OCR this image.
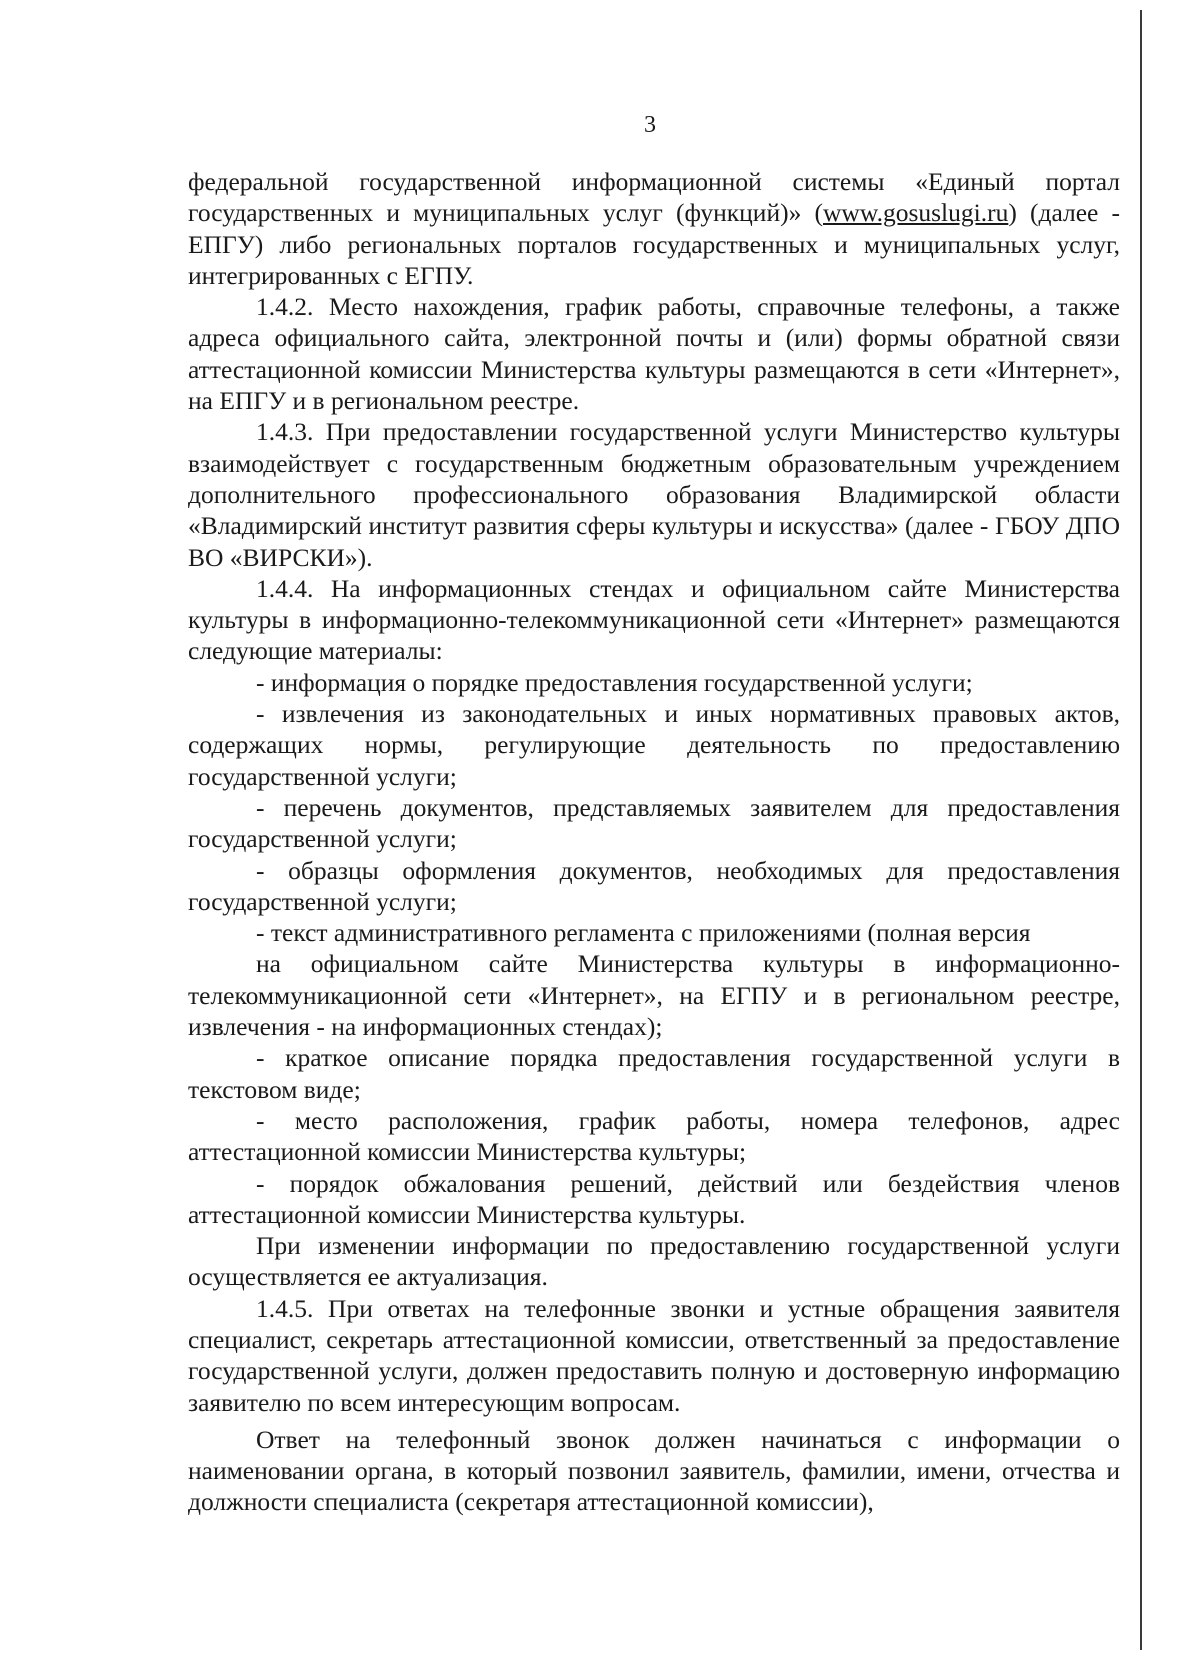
3

федеральной государственной информационной системы «Единый портал государственных и муниципальных услуг (функций)» (www.gosuslugi.ru) (далее - ЕПГУ) либо региональных порталов государственных и муниципальных услуг, интегрированных с ЕГПУ.

1.4.2. Место нахождения, график работы, справочные телефоны, а также адреса официального сайта, электронной почты и (или) формы обратной связи аттестационной комиссии Министерства культуры размещаются в сети «Интернет», на ЕПГУ и в региональном реестре.

1.4.3. При предоставлении государственной услуги Министерство культуры взаимодействует с государственным бюджетным образовательным учреждением дополнительного профессионального образования Владимирской области «Владимирский институт развития сферы культуры и искусства» (далее - ГБОУ ДПО ВО «ВИРСКИ»).

1.4.4. На информационных стендах и официальном сайте Министерства культуры в информационно-телекоммуникационной сети «Интернет» размещаются следующие материалы:

- информация о порядке предоставления государственной услуги;

- извлечения из законодательных и иных нормативных правовых актов, содержащих нормы, регулирующие деятельность по предоставлению государственной услуги;

- перечень документов, представляемых заявителем для предоставления государственной услуги;

- образцы оформления документов, необходимых для предоставления государственной услуги;

- текст административного регламента с приложениями (полная версия

на официальном сайте Министерства культуры в информационно-телекоммуникационной сети «Интернет», на ЕГПУ и в региональном реестре, извлечения - на информационных стендах);

- краткое описание порядка предоставления государственной услуги в текстовом виде;

- место расположения, график работы, номера телефонов, адрес аттестационной комиссии Министерства культуры;

- порядок обжалования решений, действий или бездействия членов аттестационной комиссии Министерства культуры.

При изменении информации по предоставлению государственной услуги осуществляется ее актуализация.

1.4.5. При ответах на телефонные звонки и устные обращения заявителя специалист, секретарь аттестационной комиссии, ответственный за предоставление государственной услуги, должен предоставить полную и достоверную информацию заявителю по всем интересующим вопросам.

Ответ на телефонный звонок должен начинаться с информации о наименовании органа, в который позвонил заявитель, фамилии, имени, отчества и должности специалиста (секретаря аттестационной комиссии),
